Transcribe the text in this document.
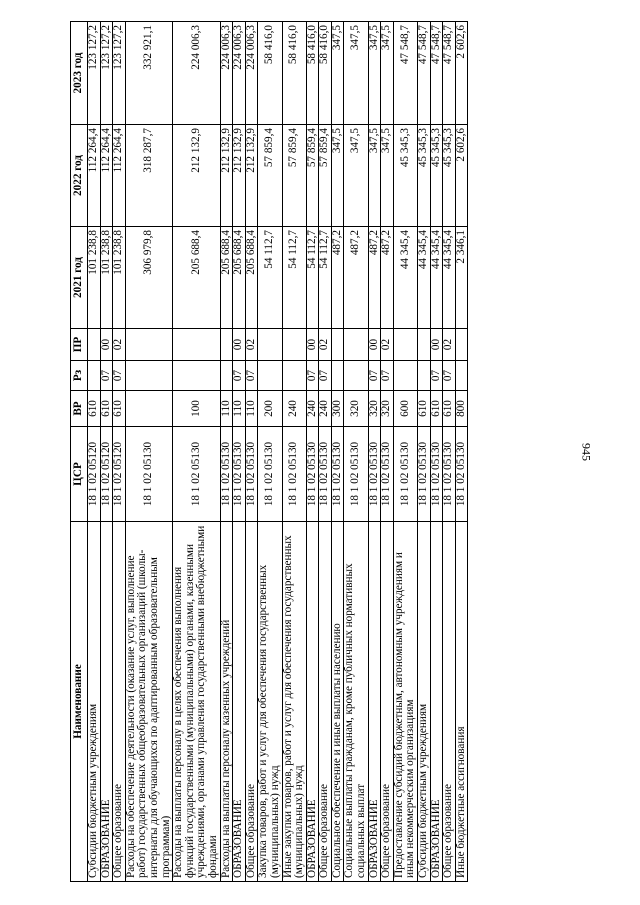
945
Наименование	ЦСР	ВР	Рз	ПР	2021 год	2022 год	2023 год
Субсидии бюджетным учреждениям	18 1 02 05120	610			101 238,8	112 264,4	123 127,2
ОБРАЗОВАНИЕ	18 1 02 05120	610	07	00	101 238,8	112 264,4	123 127,2
Общее образование	18 1 02 05120	610	07	02	101 238,8	112 264,4	123 127,2
Расходы на обеспечение деятельности (оказание услуг, выполнение работ) государственных общеобразовательных организаций (школы-интернаты для обучающихся по адаптированным образовательным программам)	18 1 02 05130				306 979,8	318 287,7	332 921,1
Расходы на выплаты персоналу в целях обеспечения выполнения функций государственными (муниципальными) органами, казенными учреждениями, органами управления государственными внебюджетными фондами	18 1 02 05130	100			205 688,4	212 132,9	224 006,3
Расходы на выплаты персоналу казенных учреждений	18 1 02 05130	110			205 688,4	212 132,9	224 006,3
ОБРАЗОВАНИЕ	18 1 02 05130	110	07	00	205 688,4	212 132,9	224 006,3
Общее образование	18 1 02 05130	110	07	02	205 688,4	212 132,9	224 006,3
Закупка товаров, работ и услуг для обеспечения государственных (муниципальных) нужд	18 1 02 05130	200			54 112,7	57 859,4	58 416,0
Иные закупки товаров, работ и услуг для обеспечения государственных (муниципальных) нужд	18 1 02 05130	240			54 112,7	57 859,4	58 416,0
ОБРАЗОВАНИЕ	18 1 02 05130	240	07	00	54 112,7	57 859,4	58 416,0
Общее образование	18 1 02 05130	240	07	02	54 112,7	57 859,4	58 416,0
Социальное обеспечение и иные выплаты населению	18 1 02 05130	300			487,2	347,5	347,5
Социальные выплаты гражданам, кроме публичных нормативных социальных выплат	18 1 02 05130	320			487,2	347,5	347,5
ОБРАЗОВАНИЕ	18 1 02 05130	320	07	00	487,2	347,5	347,5
Общее образование	18 1 02 05130	320	07	02	487,2	347,5	347,5
Предоставление субсидий бюджетным, автономным учреждениям и иным некоммерческим организациям	18 1 02 05130	600			44 345,4	45 345,3	47 548,7
Субсидии бюджетным учреждениям	18 1 02 05130	610			44 345,4	45 345,3	47 548,7
ОБРАЗОВАНИЕ	18 1 02 05130	610	07	00	44 345,4	45 345,3	47 548,7
Общее образование	18 1 02 05130	610	07	02	44 345,4	45 345,3	47 548,7
Иные бюджетные ассигнования	18 1 02 05130	800			2 346,1	2 602,6	2 602,6
